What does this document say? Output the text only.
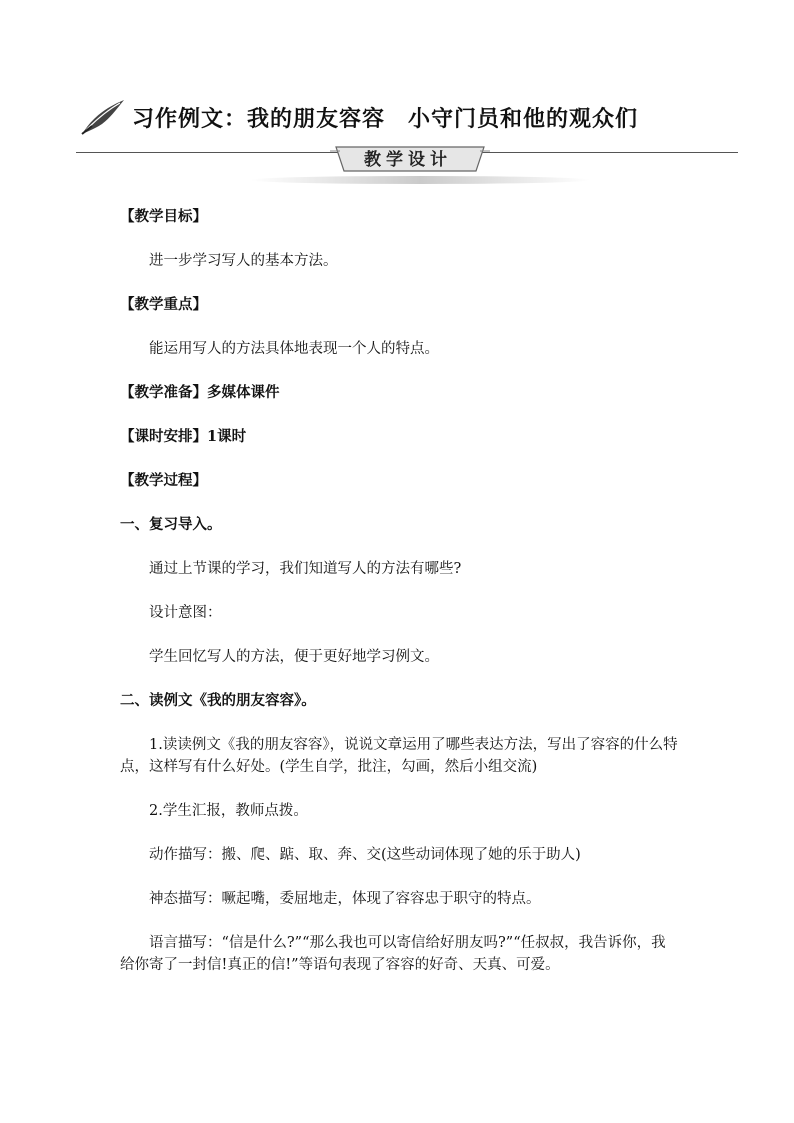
习作例文：我的朋友容容　小守门员和他的观众们
教学设计

【教学目标】

进一步学习写人的基本方法。

【教学重点】

能运用写人的方法具体地表现一个人的特点。

【教学准备】多媒体课件

【课时安排】1课时

【教学过程】

一、复习导入。

通过上节课的学习，我们知道写人的方法有哪些?

设计意图：

学生回忆写人的方法，便于更好地学习例文。

二、读例文《我的朋友容容》。

1.读读例文《我的朋友容容》，说说文章运用了哪些表达方法，写出了容容的什么特点，这样写有什么好处。(学生自学，批注，勾画，然后小组交流)

2.学生汇报，教师点拨。

动作描写：搬、爬、踮、取、奔、交(这些动词体现了她的乐于助人)

神态描写：噘起嘴，委屈地走，体现了容容忠于职守的特点。

语言描写：“信是什么?”“那么我也可以寄信给好朋友吗?”“任叔叔，我告诉你，我给你寄了一封信!真正的信!”等语句表现了容容的好奇、天真、可爱。
